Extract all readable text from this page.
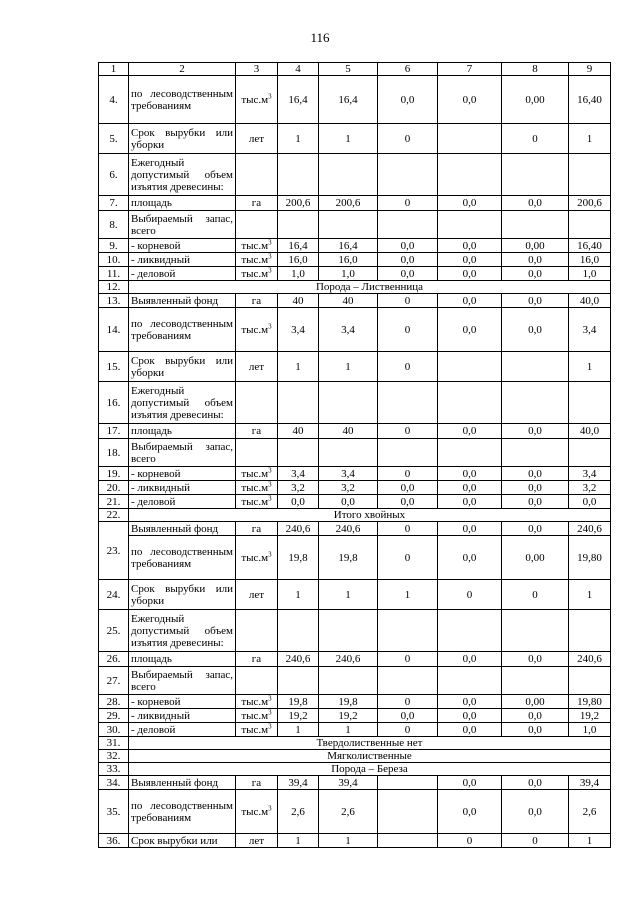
116
1	2	3	4	5	6	7	8	9
4.	по лесоводственным требованиям	$тыс.м^3$	16,4	16,4	0,0	0,0	0,00	16,40
5.	Срок вырубки или уборки	лет	1	1	0		0	1
6.	Ежегодный допустимый объем изъятия древесины:							
7.	площадь	га	200,6	200,6	0	0,0	0,0	200,6
8.	Выбираемый запас, всего							
9.	- корневой	$тыс.м^3$	16,4	16,4	0,0	0,0	0,00	16,40
10.	- ликвидный	$тыс.м^3$	16,0	16,0	0,0	0,0	0,0	16,0
11.	- деловой	$тыс.м^3$	1,0	1,0	0,0	0,0	0,0	1,0
12.	Порода – Лиственница							
13.	Выявленный фонд	га	40	40	0	0,0	0,0	40,0
14.	по лесоводственным требованиям	$тыс.м^3$	3,4	3,4	0	0,0	0,0	3,4
15.	Срок вырубки или уборки	лет	1	1	0			1
16.	Ежегодный допустимый объем изъятия древесины:							
17.	площадь	га	40	40	0	0,0	0,0	40,0
18.	Выбираемый запас, всего							
19.	- корневой	$тыс.м^3$	3,4	3,4	0	0,0	0,0	3,4
20.	- ликвидный	$тыс.м^3$	3,2	3,2	0,0	0,0	0,0	3,2
21.	- деловой	$тыс.м^3$	0,0	0,0	0,0	0,0	0,0	0,0
22.	Итого хвойных							
23.	Выявленный фонд	га	240,6	240,6	0	0,0	0,0	240,6
	по лесоводственным требованиям	$тыс.м^3$	19,8	19,8	0	0,0	0,00	19,80
24.	Срок вырубки или уборки	лет	1	1	1	0	0	1
25.	Ежегодный допустимый объем изъятия древесины:							
26.	площадь	га	240,6	240,6	0	0,0	0,0	240,6
27.	Выбираемый запас, всего							
28.	- корневой	$тыс.м^3$	19,8	19,8	0	0,0	0,00	19,80
29.	- ликвидный	$тыс.м^3$	19,2	19,2	0,0	0,0	0,0	19,2
30.	- деловой	$тыс.м^3$	1	1	0	0,0	0,0	1,0
31.	Твердолиственные нет							
32.	Мягколиственные							
33.	Порода – Береза							
34.	Выявленный фонд	га	39,4	39,4		0,0	0,0	39,4
35.	по лесоводственным требованиям	$тыс.м^3$	2,6	2,6		0,0	0,0	2,6
36.	Срок вырубки или	лет	1	1		0	0	1
